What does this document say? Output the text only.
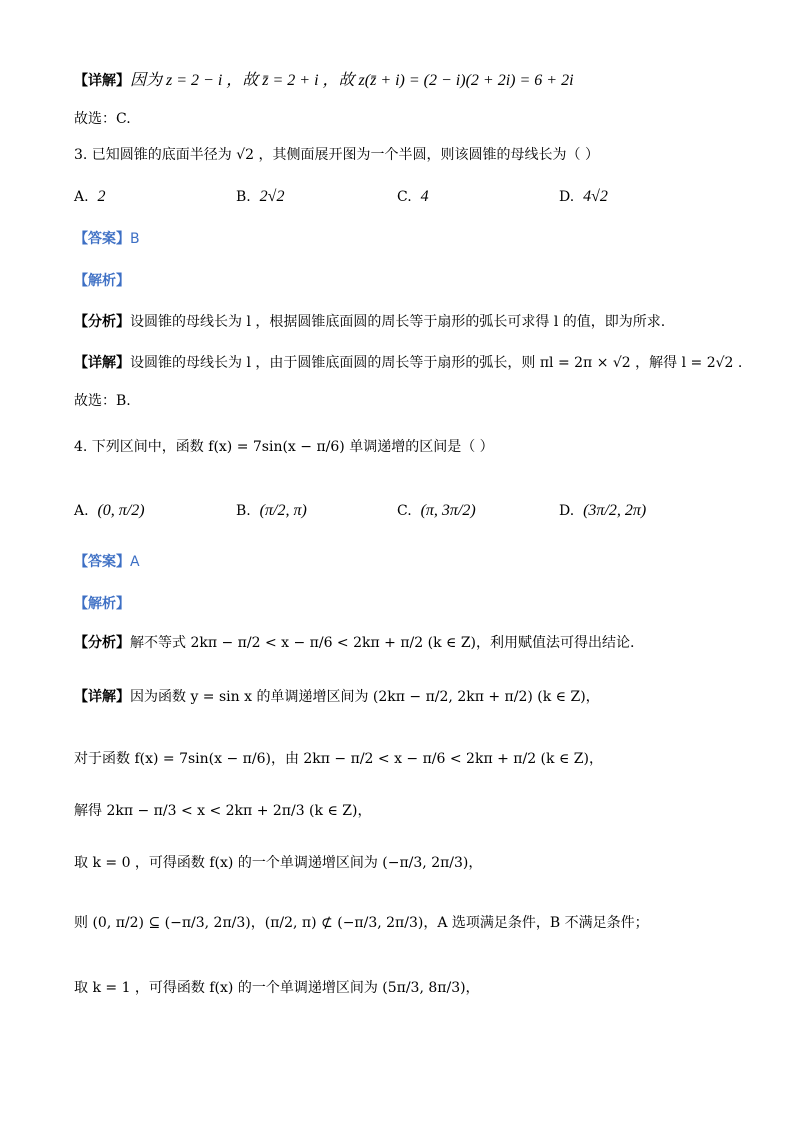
【详解】因为 z = 2 − i ，故 z̄ = 2 + i ，故 z(z̄ + i) = (2 − i)(2 + 2i) = 6 + 2i
故选：C.
3. 已知圆锥的底面半径为 √2 ，其侧面展开图为一个半圆，则该圆锥的母线长为（ ）
A. 2	B. 2√2	C. 4	D. 4√2
【答案】B
【解析】
【分析】设圆锥的母线长为 l ，根据圆锥底面圆的周长等于扇形的弧长可求得 l 的值，即为所求.
【详解】设圆锥的母线长为 l ，由于圆锥底面圆的周长等于扇形的弧长，则 πl = 2π × √2 ，解得 l = 2√2 .
故选：B.
4. 下列区间中，函数 f(x) = 7sin(x − π/6) 单调递增的区间是（ ）
A. (0, π/2)	B. (π/2, π)	C. (π, 3π/2)	D. (3π/2, 2π)
【答案】A
【解析】
【分析】解不等式 2kπ − π/2 < x − π/6 < 2kπ + π/2 (k ∈ Z)，利用赋值法可得出结论.
【详解】因为函数 y = sin x 的单调递增区间为 (2kπ − π/2, 2kπ + π/2) (k ∈ Z)，
对于函数 f(x) = 7sin(x − π/6)，由 2kπ − π/2 < x − π/6 < 2kπ + π/2 (k ∈ Z)，
解得 2kπ − π/3 < x < 2kπ + 2π/3 (k ∈ Z)，
取 k = 0 ，可得函数 f(x) 的一个单调递增区间为 (−π/3, 2π/3)，
则 (0, π/2) ⊆ (−π/3, 2π/3)，(π/2, π) ⊄ (−π/3, 2π/3)，A 选项满足条件，B 不满足条件；
取 k = 1 ，可得函数 f(x) 的一个单调递增区间为 (5π/3, 8π/3)，
